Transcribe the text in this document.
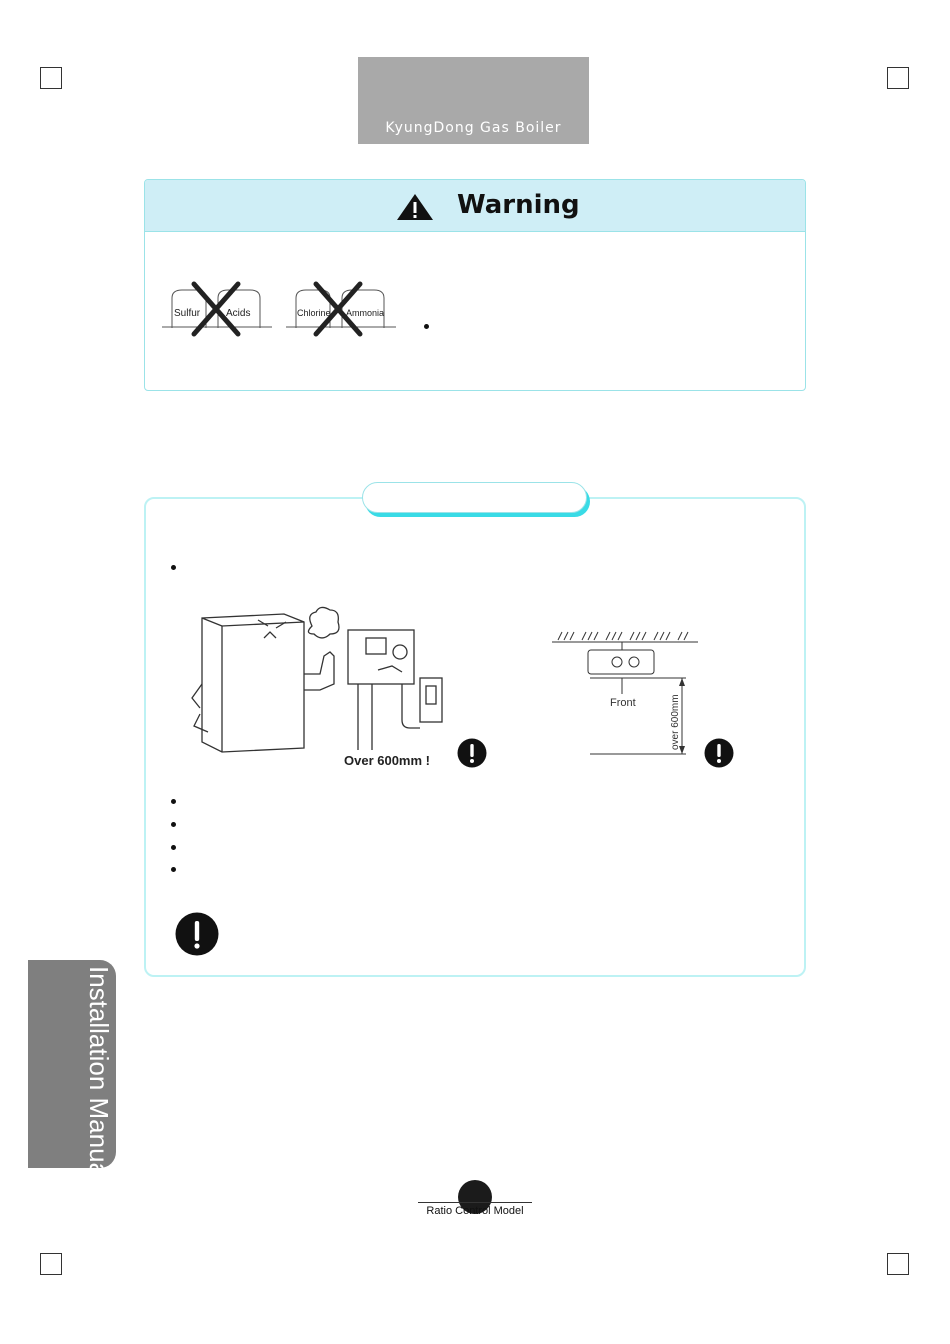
KyungDong Gas Boiler
Warning
Sulfur	Acids	Chlorine Ammonia
Over 600mm !
Front	over 600mm
Installation Manual
Ratio Control Model
